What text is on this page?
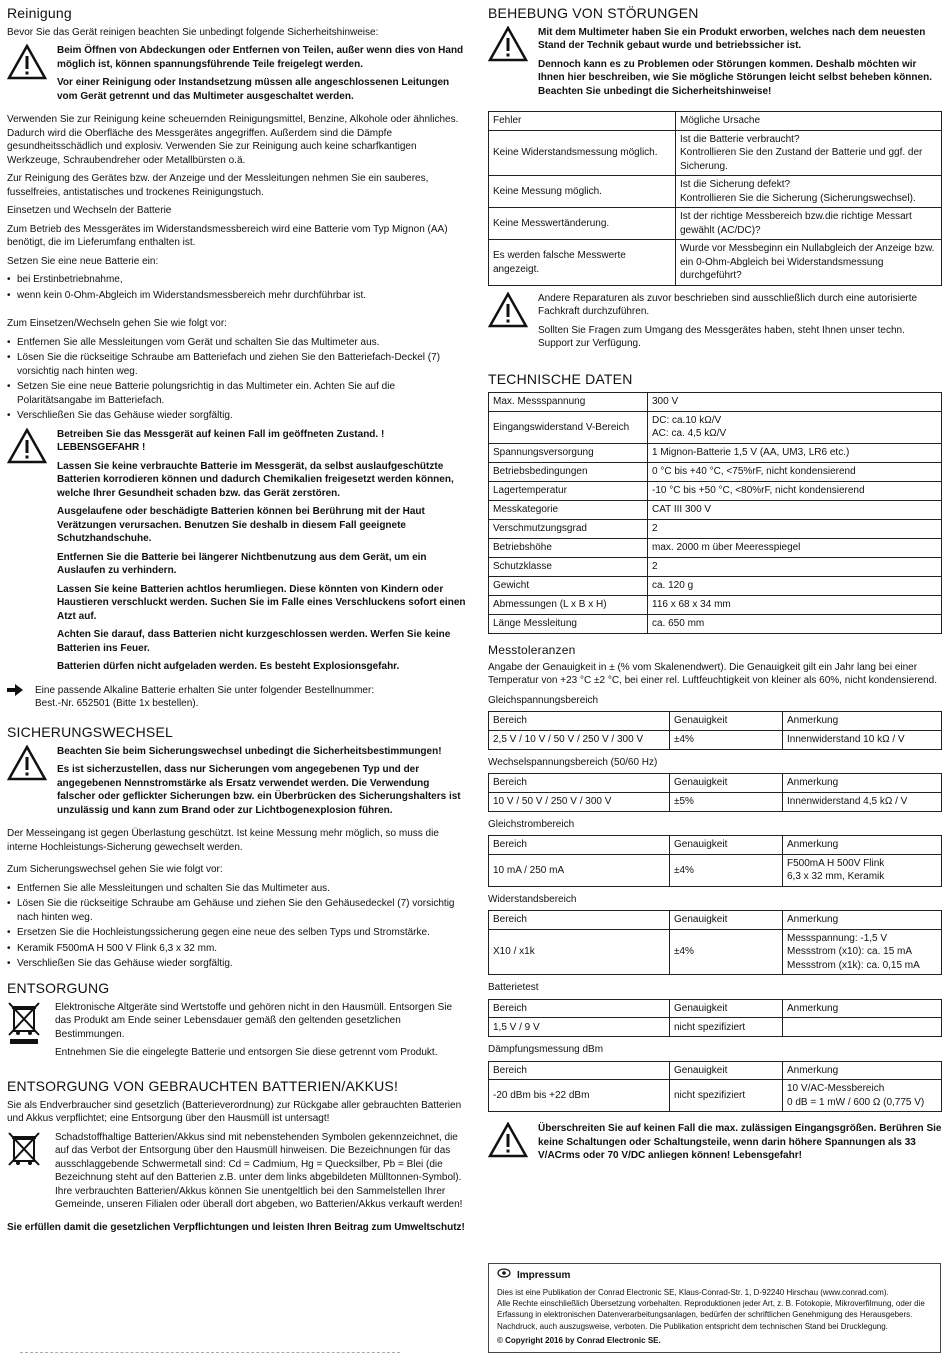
Reinigung

Bevor Sie das Gerät reinigen beachten Sie unbedingt folgende Sicherheitshinweise:

Beim Öffnen von Abdeckungen oder Entfernen von Teilen, außer wenn dies von Hand möglich ist, können spannungsführende Teile freigelegt werden.

Vor einer Reinigung oder Instandsetzung müssen alle angeschlossenen Leitungen vom Gerät getrennt und das Multimeter ausgeschaltet werden.

Verwenden Sie zur Reinigung keine scheuernden Reinigungsmittel, Benzine, Alkohole oder ähnliches. Dadurch wird die Oberfläche des Messgerätes angegriffen. Außerdem sind die Dämpfe gesundheitsschädlich und explosiv. Verwenden Sie zur Reinigung auch keine scharfkantigen Werkzeuge, Schraubendreher oder Metallbürsten o.ä.

Zur Reinigung des Gerätes bzw. der Anzeige und der Messleitungen nehmen Sie ein sauberes, fusselfreies, antistatisches und trockenes Reinigungstuch.

Einsetzen und Wechseln der Batterie

Zum Betrieb des Messgerätes im Widerstandsmessbereich wird eine Batterie vom Typ Mignon (AA) benötigt, die im Lieferumfang enthalten ist.

Setzen Sie eine neue Batterie ein:

• bei Erstinbetriebnahme,
• wenn kein 0-Ohm-Abgleich im Widerstandsmessbereich mehr durchführbar ist.

Zum Einsetzen/Wechseln gehen Sie wie folgt vor:

• Entfernen Sie alle Messleitungen vom Gerät und schalten Sie das Multimeter aus.
• Lösen Sie die rückseitige Schraube am Batteriefach und ziehen Sie den Batteriefach-Deckel (7) vorsichtig nach hinten weg.
• Setzen Sie eine neue Batterie polungsrichtig in das Multimeter ein. Achten Sie auf die Polaritätsangabe im Batteriefach.
• Verschließen Sie das Gehäuse wieder sorgfältig.

Betreiben Sie das Messgerät auf keinen Fall im geöffneten Zustand. ! LEBENSGEFAHR !

Lassen Sie keine verbrauchte Batterie im Messgerät, da selbst auslaufgeschützte Batterien korrodieren können und dadurch Chemikalien freigesetzt werden können, welche Ihrer Gesundheit schaden bzw. das Gerät zerstören.

Ausgelaufene oder beschädigte Batterien können bei Berührung mit der Haut Verätzungen verursachen. Benutzen Sie deshalb in diesem Fall geeignete Schutzhandschuhe.

Entfernen Sie die Batterie bei längerer Nichtbenutzung aus dem Gerät, um ein Auslaufen zu verhindern.

Lassen Sie keine Batterien achtlos herumliegen. Diese könnten von Kindern oder Haustieren verschluckt werden. Suchen Sie im Falle eines Verschluckens sofort einen Atzt auf.

Achten Sie darauf, dass Batterien nicht kurzgeschlossen werden. Werfen Sie keine Batterien ins Feuer.

Batterien dürfen nicht aufgeladen werden. Es besteht Explosionsgefahr.

Eine passende Alkaline Batterie erhalten Sie unter folgender Bestellnummer:
Best.-Nr. 652501 (Bitte 1x bestellen).
SICHERUNGSWECHSEL

Beachten Sie beim Sicherungswechsel unbedingt die Sicherheitsbestimmungen!

Es ist sicherzustellen, dass nur Sicherungen vom angegebenen Typ und der angegebenen Nennstromstärke als Ersatz verwendet werden. Die Verwendung falscher oder geflickter Sicherungen bzw. ein Überbrücken des Sicherungshalters ist unzulässig und kann zum Brand oder zur Lichtbogenexplosion führen.

Der Messeingang ist gegen Überlastung geschützt. Ist keine Messung mehr möglich, so muss die interne Hochleistungs-Sicherung gewechselt werden.

Zum Sicherungswechsel gehen Sie wie folgt vor:

• Entfernen Sie alle Messleitungen und schalten Sie das Multimeter aus.
• Lösen Sie die rückseitige Schraube am Gehäuse und ziehen Sie den Gehäusedeckel (7) vorsichtig nach hinten weg.
• Ersetzen Sie die Hochleistungssicherung gegen eine neue des selben Typs und Stromstärke.
• Keramik F500mA H 500 V Flink 6,3 x 32 mm.
• Verschließen Sie das Gehäuse wieder sorgfältig.
ENTSORGUNG

Elektronische Altgeräte sind Wertstoffe und gehören nicht in den Hausmüll. Entsorgen Sie das Produkt am Ende seiner Lebensdauer gemäß den geltenden gesetzlichen Bestimmungen.

Entnehmen Sie die eingelegte Batterie und entsorgen Sie diese getrennt vom Produkt.

ENTSORGUNG VON GEBRAUCHTEN BATTERIEN/AKKUS!

Sie als Endverbraucher sind gesetzlich (Batterieverordnung) zur Rückgabe aller gebrauchten Batterien und Akkus verpflichtet; eine Entsorgung über den Hausmüll ist untersagt!

Schadstoffhaltige Batterien/Akkus sind mit nebenstehenden Symbolen gekennzeichnet, die auf das Verbot der Entsorgung über den Hausmüll hinweisen. Die Bezeichnungen für das ausschlaggebende Schwermetall sind: Cd = Cadmium, Hg = Quecksilber, Pb = Blei (die Bezeichnung steht auf den Batterien z.B. unter dem links abgebildeten Mülltonnen-Symbol). Ihre verbrauchten Batterien/Akkus können Sie unentgeltlich bei den Sammelstellen Ihrer Gemeinde, unseren Filialen oder überall dort abgeben, wo Batterien/Akkus verkauft werden!

Sie erfüllen damit die gesetzlichen Verpflichtungen und leisten Ihren Beitrag zum Umweltschutz!

BEHEBUNG VON STÖRUNGEN

Mit dem Multimeter haben Sie ein Produkt erworben, welches nach dem neuesten Stand der Technik gebaut wurde und betriebssicher ist.

Dennoch kann es zu Problemen oder Störungen kommen. Deshalb möchten wir Ihnen hier beschreiben, wie Sie mögliche Störungen leicht selbst beheben können. Beachten Sie unbedingt die Sicherheitshinweise!

Fehler	Mögliche Ursache
Keine Widerstandsmessung möglich.	Ist die Batterie verbraucht?
Kontrollieren Sie den Zustand der Batterie und ggf. der Sicherung.
Keine Messung möglich.	Ist die Sicherung defekt?
Kontrollieren Sie die Sicherung (Sicherungswechsel).
Keine Messwertänderung.	Ist der richtige Messbereich bzw.die richtige Messart gewählt (AC/DC)?
Es werden falsche Messwerte angezeigt.	Wurde vor Messbeginn ein Nullabgleich der Anzeige bzw. ein 0-Ohm-Abgleich bei Widerstandsmessung durchgeführt?

Andere Reparaturen als zuvor beschrieben sind ausschließlich durch eine autorisierte Fachkraft durchzuführen.

Sollten Sie Fragen zum Umgang des Messgerätes haben, steht Ihnen unser techn. Support zur Verfügung.

TECHNISCHE DATEN
Max. Messspannung	300 V
Eingangswiderstand V-Bereich	DC: ca.10 kΩ/V
AC: ca. 4,5 kΩ/V
Spannungsversorgung	1 Mignon-Batterie 1,5 V (AA, UM3, LR6 etc.)
Betriebsbedingungen	0 °C bis +40 °C, <75%rF, nicht kondensierend
Lagertemperatur	-10 °C bis +50 °C, <80%rF, nicht kondensierend
Messkategorie	CAT III 300 V
Verschmutzungsgrad	2
Betriebshöhe	max. 2000 m über Meeresspiegel
Schutzklasse	2
Gewicht	ca. 120 g
Abmessungen (L x B x H)	116 x 68 x 34 mm
Länge Messleitung	ca. 650 mm
Messtoleranzen

Angabe der Genauigkeit in ± (% vom Skalenendwert). Die Genauigkeit gilt ein Jahr lang bei einer Temperatur von +23 °C ±2 °C, bei einer rel. Luftfeuchtigkeit von kleiner als 60%, nicht kondensierend.

Gleichspannungsbereich
Bereich	Genauigkeit	Anmerkung
2,5 V / 10 V / 50 V / 250 V / 300 V	±4%	Innenwiderstand 10 kΩ / V
Wechselspannungsbereich (50/60 Hz)
Bereich	Genauigkeit	Anmerkung
10 V / 50 V / 250 V / 300 V	±5%	Innenwiderstand 4,5 kΩ / V
Gleichstrombereich
Bereich	Genauigkeit	Anmerkung
10 mA / 250 mA	±4%	F500mA H 500V Flink
6,3 x 32 mm, Keramik
Widerstandsbereich
Bereich	Genauigkeit	Anmerkung
X10 / x1k	±4%	Messspannung: -1,5 V
Messstrom (x10): ca. 15 mA
Messstrom (x1k): ca. 0,15 mA
Batterietest
Bereich	Genauigkeit	Anmerkung
1,5 V / 9 V	nicht spezifiziert	
Dämpfungsmessung dBm
Bereich	Genauigkeit	Anmerkung
-20 dBm bis +22 dBm	nicht spezifiziert	10 V/AC-Messbereich
0 dB = 1 mW / 600 Ω (0,775 V)

Überschreiten Sie auf keinen Fall die max. zulässigen Eingangsgrößen. Berühren Sie keine Schaltungen oder Schaltungsteile, wenn darin höhere Spannungen als 33 V/ACrms oder 70 V/DC anliegen können! Lebensgefahr!

Impressum

Dies ist eine Publikation der Conrad Electronic SE, Klaus-Conrad-Str. 1, D-92240 Hirschau (www.conrad.com).

Alle Rechte einschließlich Übersetzung vorbehalten. Reproduktionen jeder Art, z. B. Fotokopie, Mikroverfilmung, oder die Erfassung in elektronischen Datenverarbeitungsanlagen, bedürfen der schriftlichen Genehmigung des Herausgebers. Nachdruck, auch auszugsweise, verboten. Die Publikation entspricht dem technischen Stand bei Drucklegung.

© Copyright 2016 by Conrad Electronic SE.
